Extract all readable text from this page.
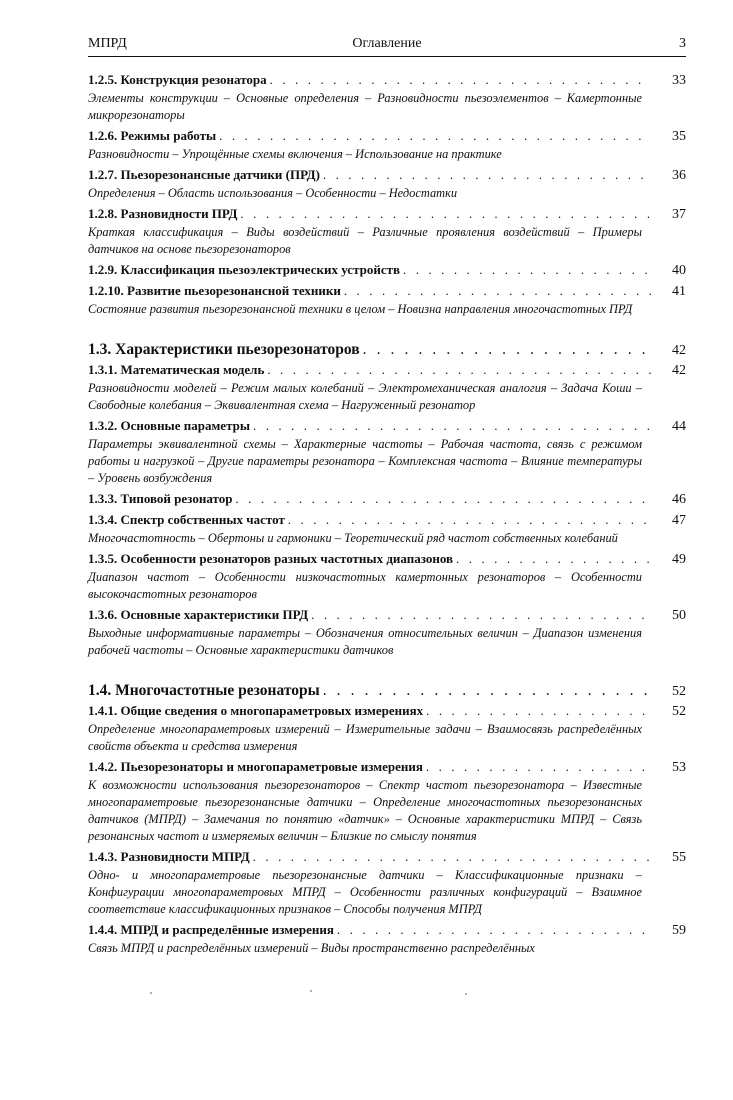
МПРД	Оглавление	3
1.2.5. Конструкция резонатора . . .	33
Элементы конструкции – Основные определения – Разновидности пьезоэлементов – Камертонные микрорезонаторы
1.2.6. Режимы работы . . .	35
Разновидности – Упрощённые схемы включения – Использование на практике
1.2.7. Пьезорезонансные датчики (ПРД) . . .	36
Определения – Область использования – Особенности – Недостатки
1.2.8. Разновидности ПРД . . .	37
Краткая классификация – Виды воздействий – Различные проявления воздействий – Примеры датчиков на основе пьезорезонаторов
1.2.9. Классификация пьезоэлектрических устройств . . .	40
1.2.10. Развитие пьезорезонансной техники . . .	41
Состояние развития пьезорезонансной техники в целом – Новизна направления многочастотных ПРД
1.3. Характеристики пьезорезонаторов . . .	42
1.3.1. Математическая модель . . .	42
Разновидности моделей – Режим малых колебаний – Электромеханическая аналогия – Задача Коши – Свободные колебания – Эквивалентная схема – Нагруженный резонатор
1.3.2. Основные параметры . . .	44
Параметры эквивалентной схемы – Характерные частоты – Рабочая частота, связь с режимом работы и нагрузкой – Другие параметры резонатора – Комплексная частота – Влияние температуры – Уровень возбуждения
1.3.3. Типовой резонатор . . .	46
1.3.4. Спектр собственных частот . . .	47
Многочастотность – Обертоны и гармоники – Теоретический ряд частот собственных колебаний
1.3.5. Особенности резонаторов разных частотных диапазонов . . .	49
Диапазон частот – Особенности низкочастотных камертонных резонаторов – Особенности высокочастотных резонаторов
1.3.6. Основные характеристики ПРД . . .	50
Выходные информативные параметры – Обозначения относительных величин – Диапазон изменения рабочей частоты – Основные характеристики датчиков
1.4. Многочастотные резонаторы . . .	52
1.4.1. Общие сведения о многопараметровых измерениях . . .	52
Определение многопараметровых измерений – Измерительные задачи – Взаимосвязь распределённых свойств объекта и средства измерения
1.4.2. Пьезорезонаторы и многопараметровые измерения . . .	53
К возможности использования пьезорезонаторов – Спектр частот пьезорезонатора – Известные многопараметровые пьезорезонансные датчики – Определение многочастотных пьезорезонансных датчиков (МПРД) – Замечания по понятию «датчик» – Основные характеристики МПРД – Связь резонансных частот и измеряемых величин – Близкие по смыслу понятия
1.4.3. Разновидности МПРД . . .	55
Одно- и многопараметровые пьезорезонансные датчики – Классификационные признаки – Конфигурации многопараметровых МПРД – Особенности различных конфигураций – Взаимное соответствие классификационных признаков – Способы получения МПРД
1.4.4. МПРД и распределённые измерения . . .	59
Связь МПРД и распределённых измерений – Виды пространственно распределённых
